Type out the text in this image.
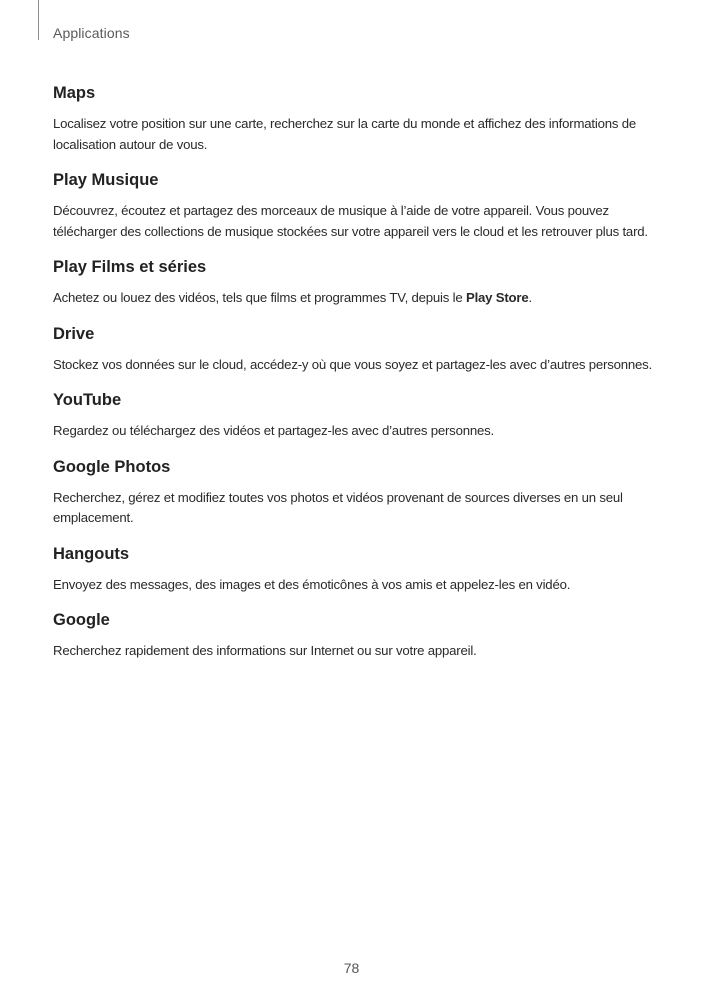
Applications
Maps

Localisez votre position sur une carte, recherchez sur la carte du monde et affichez des informations de localisation autour de vous.

Play Musique

Découvrez, écoutez et partagez des morceaux de musique à l’aide de votre appareil. Vous pouvez télécharger des collections de musique stockées sur votre appareil vers le cloud et les retrouver plus tard.

Play Films et séries

Achetez ou louez des vidéos, tels que films et programmes TV, depuis le Play Store.

Drive

Stockez vos données sur le cloud, accédez-y où que vous soyez et partagez-les avec d’autres personnes.

YouTube

Regardez ou téléchargez des vidéos et partagez-les avec d’autres personnes.

Google Photos

Recherchez, gérez et modifiez toutes vos photos et vidéos provenant de sources diverses en un seul emplacement.

Hangouts

Envoyez des messages, des images et des émoticônes à vos amis et appelez-les en vidéo.

Google

Recherchez rapidement des informations sur Internet ou sur votre appareil.

78
